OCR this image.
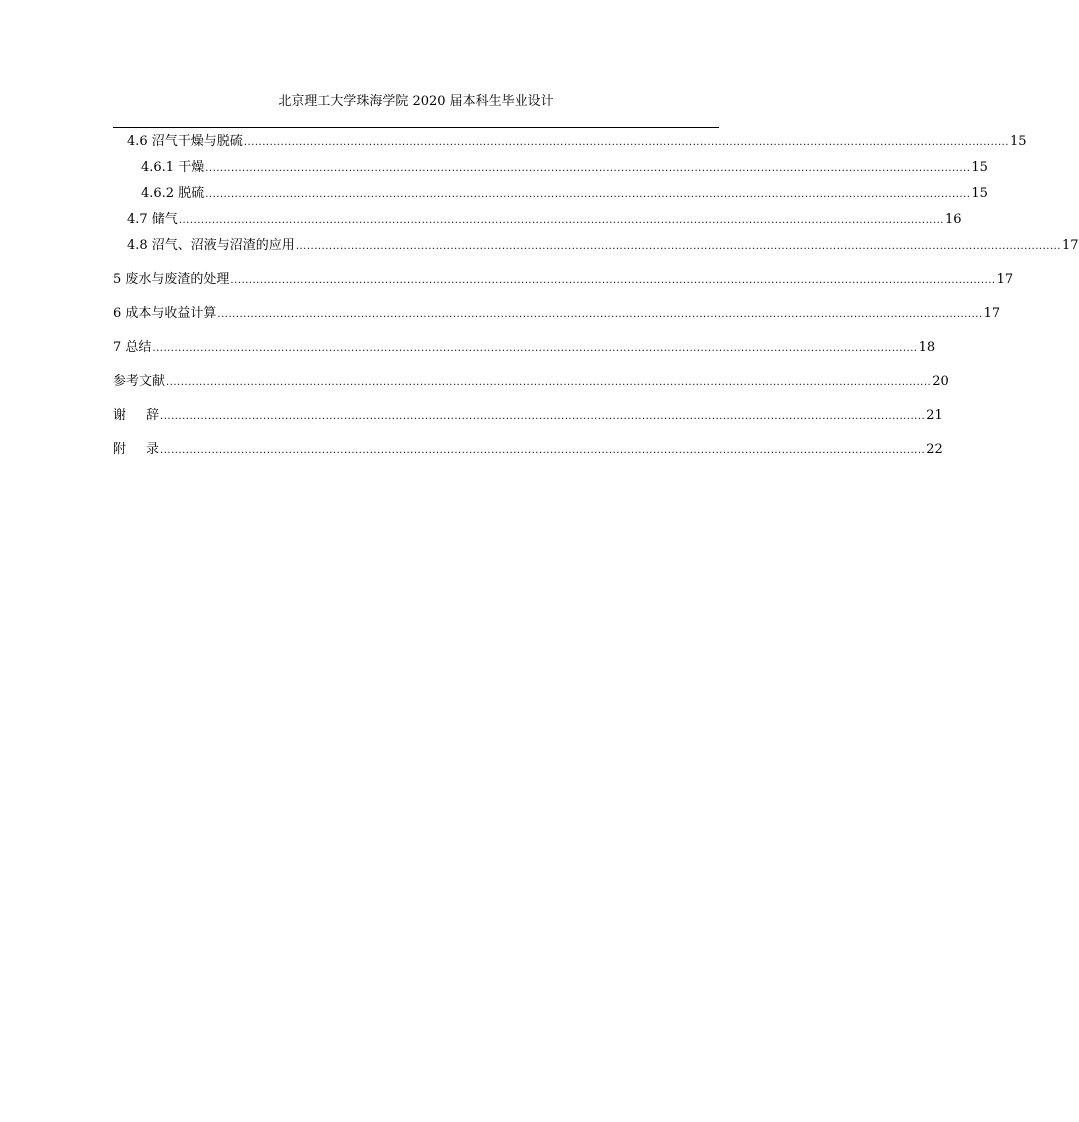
北京理工大学珠海学院 2020 届本科生毕业设计
4.6 沼气干燥与脱硫 ................................................................................................................................................................................................................ 15
4.6.1 干燥 ................................................................................................................................................................................................................ 15
4.6.2 脱硫 ................................................................................................................................................................................................................ 15
4.7 储气 ................................................................................................................................................................................................................ 16
4.8 沼气、沼液与沼渣的应用 ................................................................................................................................................................................................................ 17
5 废水与废渣的处理 ................................................................................................................................................................................................................ 17
6 成本与收益计算 ................................................................................................................................................................................................................ 17
7 总结 ................................................................................................................................................................................................................ 18
参考文献 ................................................................................................................................................................................................................ 20
谢 辞 ................................................................................................................................................................................................................ 21
附 录 ................................................................................................................................................................................................................ 22
